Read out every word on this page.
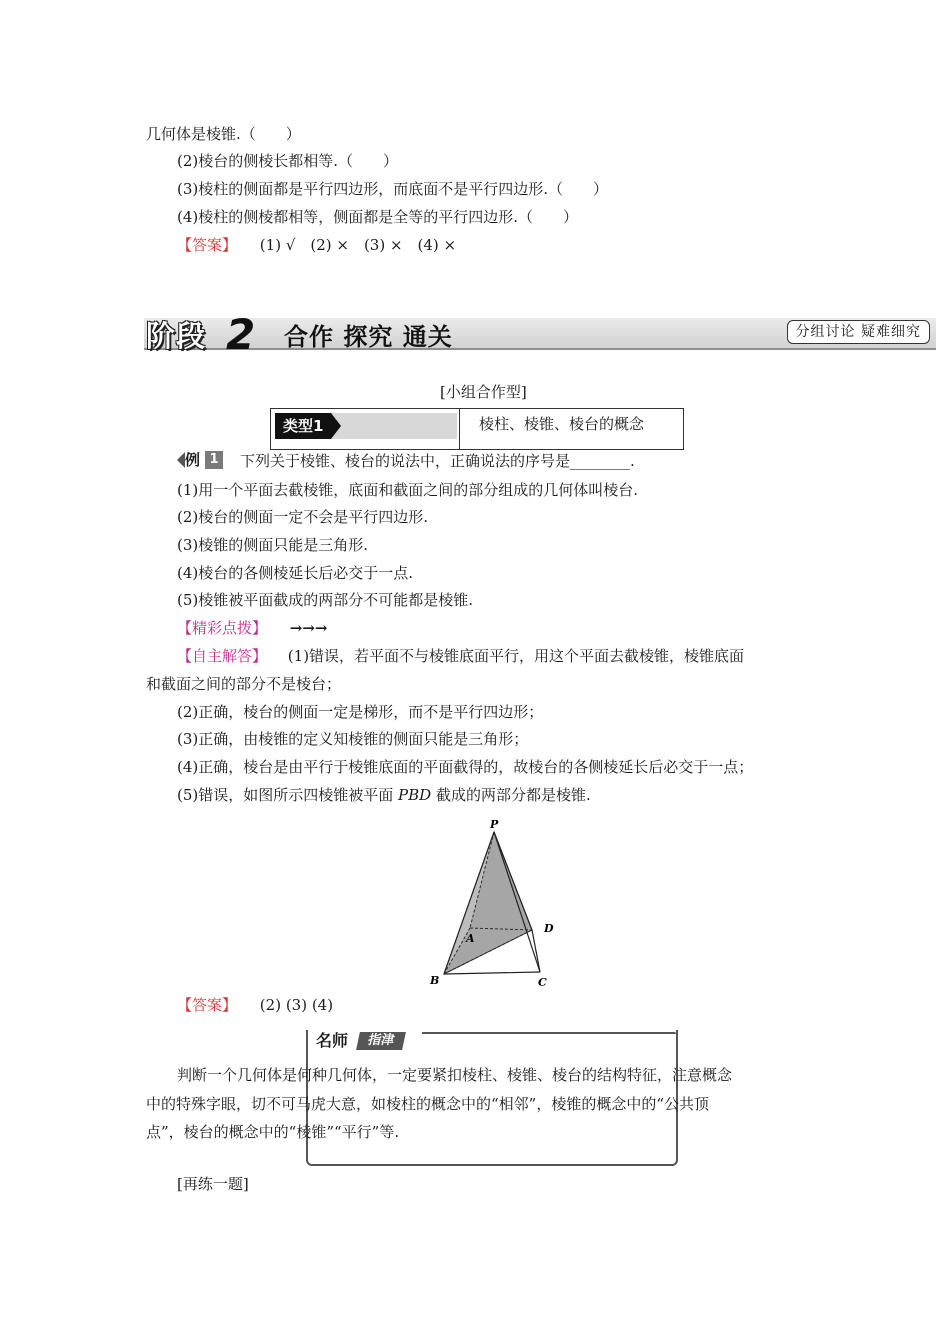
几何体是棱锥.（　　）
(2)棱台的侧棱长都相等.（　　）
(3)棱柱的侧面都是平行四边形，而底面不是平行四边形.（　　）
(4)棱柱的侧棱都相等，侧面都是全等的平行四边形.（　　）
【答案】 (1) √　(2) ×　(3) ×　(4) ×
阶段 2	合作 探究 通关	分组讨论 疑难细究
[小组合作型]
类型1	棱柱、棱锥、棱台的概念
例 1 下列关于棱锥、棱台的说法中，正确说法的序号是________.
(1)用一个平面去截棱锥，底面和截面之间的部分组成的几何体叫棱台.
(2)棱台的侧面一定不会是平行四边形.
(3)棱锥的侧面只能是三角形.
(4)棱台的各侧棱延长后必交于一点.
(5)棱锥被平面截成的两部分不可能都是棱锥.
【精彩点拨】 →→→
【自主解答】 (1)错误，若平面不与棱锥底面平行，用这个平面去截棱锥，棱锥底面
和截面之间的部分不是棱台；
(2)正确，棱台的侧面一定是梯形，而不是平行四边形；
(3)正确，由棱锥的定义知棱锥的侧面只能是三角形；
(4)正确，棱台是由平行于棱锥底面的平面截得的，故棱台的各侧棱延长后必交于一点；
(5)错误，如图所示四棱锥被平面 PBD 截成的两部分都是棱锥.
P
A
B	C
D
【答案】 (2) (3) (4)
名师	指津
判断一个几何体是何种几何体，一定要紧扣棱柱、棱锥、棱台的结构特征，注意概念
中的特殊字眼，切不可马虎大意，如棱柱的概念中的“相邻”，棱锥的概念中的“公共顶
点”，棱台的概念中的“棱锥”“平行”等.
[再练一题]
